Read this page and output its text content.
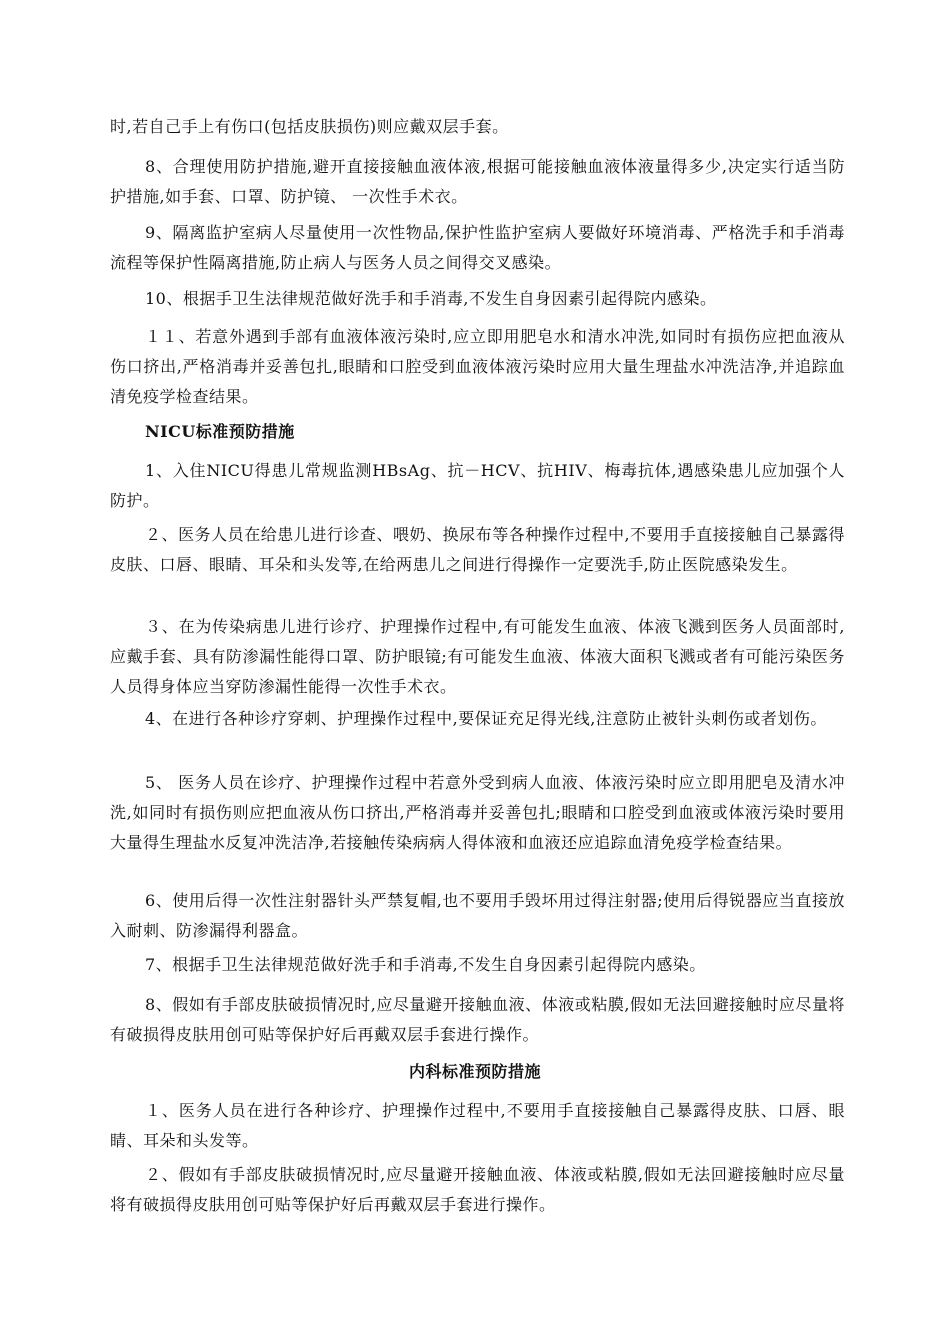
时,若自己手上有伤口(包括皮肤损伤)则应戴双层手套。

8、合理使用防护措施,避开直接接触血液体液,根据可能接触血液体液量得多少,决定实行适当防护措施,如手套、口罩、防护镜、 一次性手术衣。

9、隔离监护室病人尽量使用一次性物品,保护性监护室病人要做好环境消毒、严格洗手和手消毒流程等保护性隔离措施,防止病人与医务人员之间得交叉感染。

10、根据手卫生法律规范做好洗手和手消毒,不发生自身因素引起得院内感染。

１１、若意外遇到手部有血液体液污染时,应立即用肥皂水和清水冲洗,如同时有损伤应把血液从伤口挤出,严格消毒并妥善包扎,眼睛和口腔受到血液体液污染时应用大量生理盐水冲洗洁净,并追踪血清免疫学检查结果。

NICU标准预防措施

1、入住NICU得患儿常规监测HBsAg、抗－HCV、抗HIV、梅毒抗体,遇感染患儿应加强个人防护。

２、医务人员在给患儿进行诊查、喂奶、换尿布等各种操作过程中,不要用手直接接触自己暴露得皮肤、口唇、眼睛、耳朵和头发等,在给两患儿之间进行得操作一定要洗手,防止医院感染发生。

３、在为传染病患儿进行诊疗、护理操作过程中,有可能发生血液、体液飞溅到医务人员面部时,应戴手套、具有防渗漏性能得口罩、防护眼镜;有可能发生血液、体液大面积飞溅或者有可能污染医务人员得身体应当穿防渗漏性能得一次性手术衣。

4、在进行各种诊疗穿刺、护理操作过程中,要保证充足得光线,注意防止被针头刺伤或者划伤。

5、 医务人员在诊疗、护理操作过程中若意外受到病人血液、体液污染时应立即用肥皂及清水冲洗,如同时有损伤则应把血液从伤口挤出,严格消毒并妥善包扎;眼睛和口腔受到血液或体液污染时要用大量得生理盐水反复冲洗洁净,若接触传染病病人得体液和血液还应追踪血清免疫学检查结果。

6、使用后得一次性注射器针头严禁复帽,也不要用手毁坏用过得注射器;使用后得锐器应当直接放入耐刺、防渗漏得利器盒。

7、根据手卫生法律规范做好洗手和手消毒,不发生自身因素引起得院内感染。

8、假如有手部皮肤破损情况时,应尽量避开接触血液、体液或粘膜,假如无法回避接触时应尽量将有破损得皮肤用创可贴等保护好后再戴双层手套进行操作。

内科标准预防措施

１、医务人员在进行各种诊疗、护理操作过程中,不要用手直接接触自己暴露得皮肤、口唇、眼睛、耳朵和头发等。

２、假如有手部皮肤破损情况时,应尽量避开接触血液、体液或粘膜,假如无法回避接触时应尽量将有破损得皮肤用创可贴等保护好后再戴双层手套进行操作。
